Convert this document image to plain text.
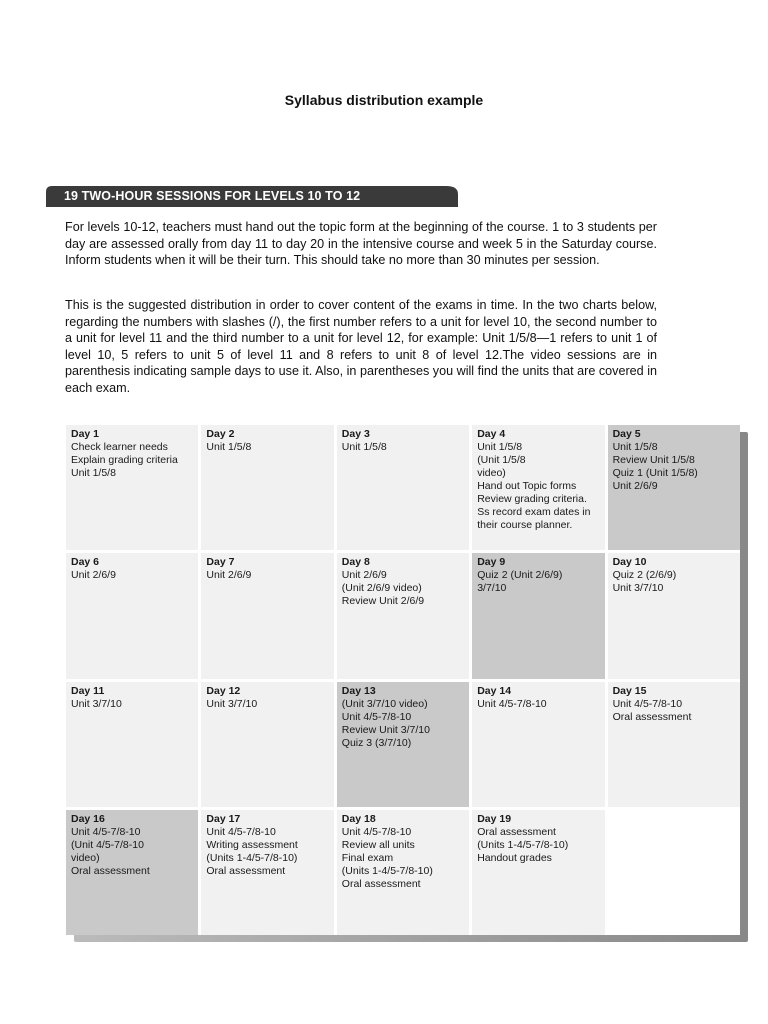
Syllabus distribution example
19 TWO-HOUR SESSIONS FOR LEVELS 10 TO 12

For levels 10-12, teachers must hand out the topic form at the beginning of the course. 1 to 3 students per day are assessed orally from day 11 to day 20 in the intensive course and week 5 in the Saturday course. Inform students when it will be their turn. This should take no more than 30 minutes per session.

This is the suggested distribution in order to cover content of the exams in time. In the two charts below, regarding the numbers with slashes (/), the first number refers to a unit for level 10, the second number to a unit for level 11 and the third number to a unit for level 12, for example: Unit 1/5/8—1 refers to unit 1 of level 10, 5 refers to unit 5 of level 11 and 8 refers to unit 8 of level 12.The video sessions are in parenthesis indicating sample days to use it. Also, in parentheses you will find the units that are covered in each exam.

Day 1
Check learner needs
Explain grading criteria
Unit 1/5/8
Day 2
Unit 1/5/8
Day 3
Unit 1/5/8
Day 4
Unit 1/5/8
(Unit 1/5/8
video)
Hand out Topic forms
Review grading criteria.
Ss record exam dates in
their course planner.
Day 5
Unit 1/5/8
Review Unit 1/5/8
Quiz 1 (Unit 1/5/8)
Unit 2/6/9
Day 6
Unit 2/6/9
Day 7
Unit 2/6/9
Day 8
Unit 2/6/9
(Unit 2/6/9 video)
Review Unit 2/6/9
Day 9
Quiz 2 (Unit 2/6/9)
3/7/10
Day 10
Quiz 2 (2/6/9)
Unit 3/7/10
Day 11
Unit 3/7/10
Day 12
Unit 3/7/10
Day 13
(Unit 3/7/10 video)
Unit 4/5-7/8-10
Review Unit 3/7/10
Quiz 3 (3/7/10)
Day 14
Unit 4/5-7/8-10
Day 15
Unit 4/5-7/8-10
Oral assessment
Day 16
Unit 4/5-7/8-10
(Unit 4/5-7/8-10
video)
Oral assessment
Day 17
Unit 4/5-7/8-10
Writing assessment
(Units 1-4/5-7/8-10)
Oral assessment
Day 18
Unit 4/5-7/8-10
Review all units
Final exam
(Units 1-4/5-7/8-10)
Oral assessment
Day 19
Oral assessment
(Units 1-4/5-7/8-10)
Handout grades
